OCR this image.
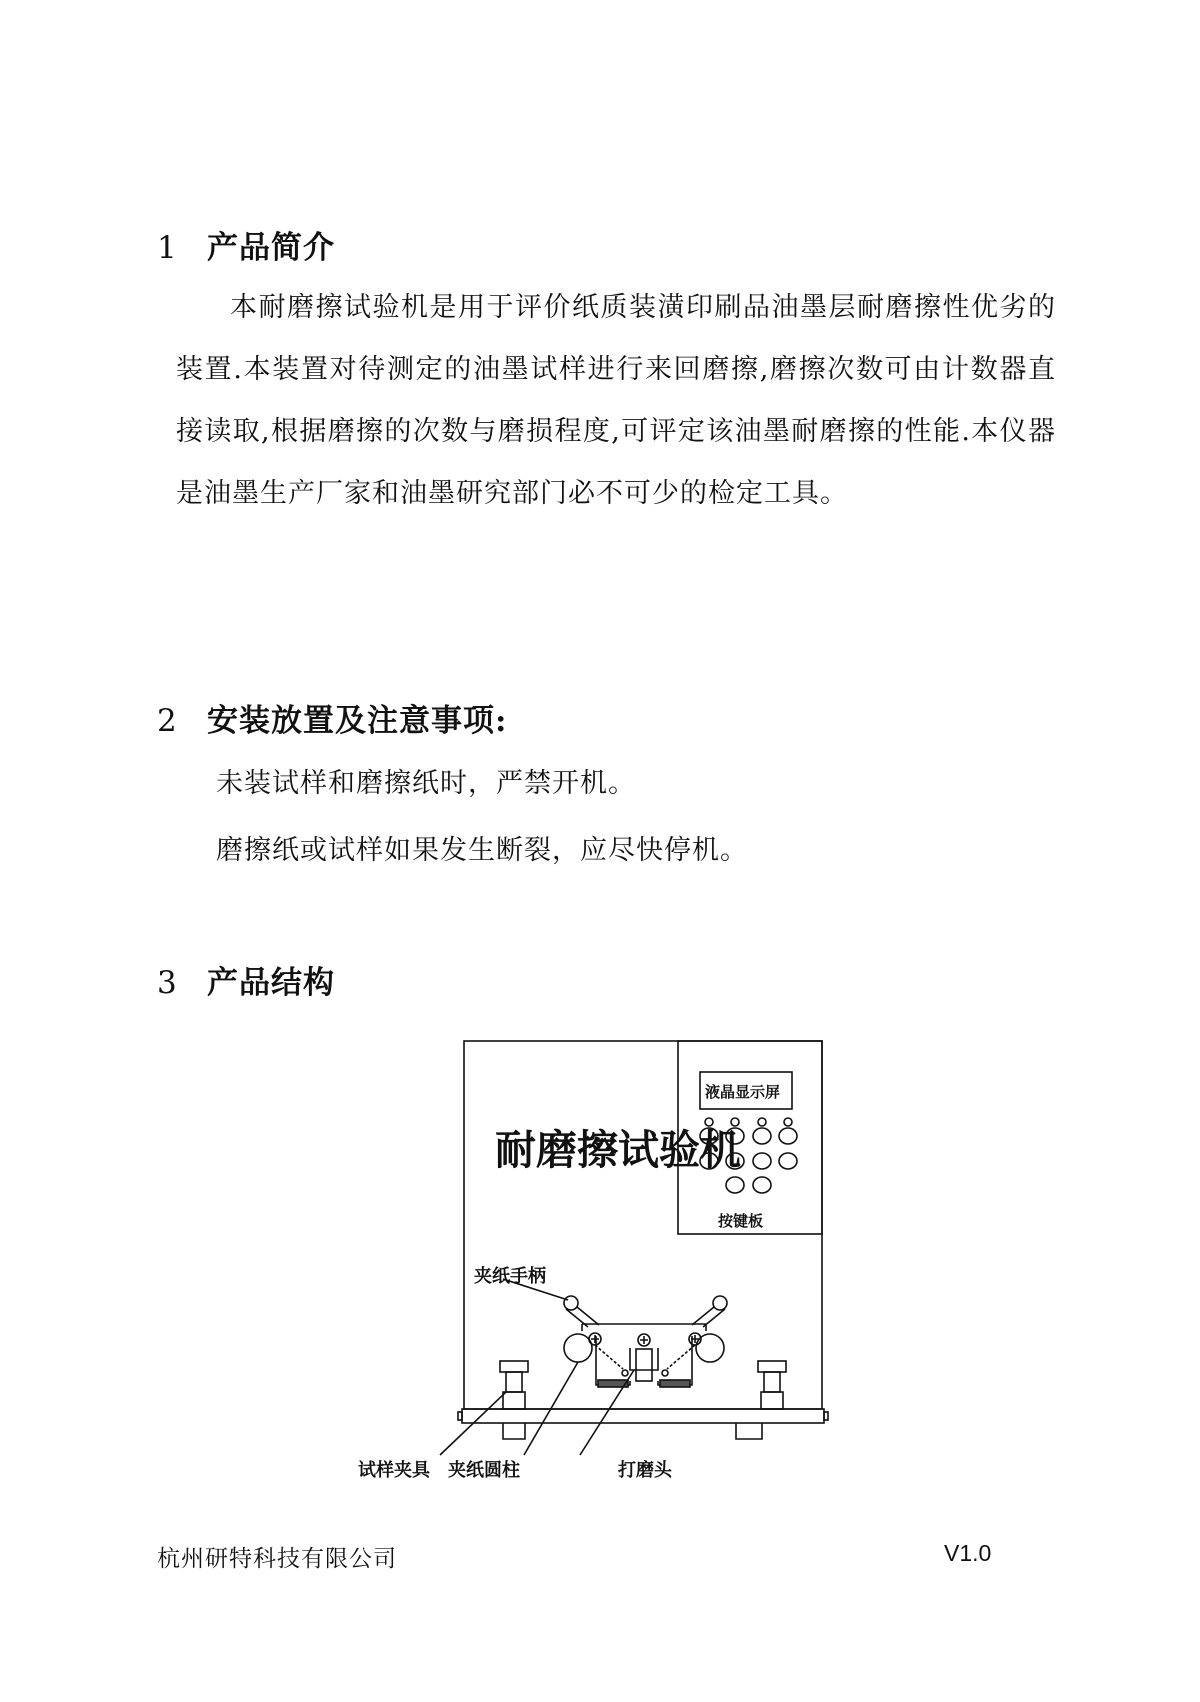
1 产品简介
本耐磨擦试验机是用于评价纸质装潢印刷品油墨层耐磨擦性优劣的装置.本装置对待测定的油墨试样进行来回磨擦,磨擦次数可由计数器直接读取,根据磨擦的次数与磨损程度,可评定该油墨耐磨擦的性能.本仪器是油墨生产厂家和油墨研究部门必不可少的检定工具。
2 安装放置及注意事项:
未装试样和磨擦纸时，严禁开机。
磨擦纸或试样如果发生断裂，应尽快停机。
3 产品结构
耐磨擦试验机
液晶显示屏
按键板
夹纸手柄
试样夹具 夹纸圆柱	打磨头
杭州研特科技有限公司	V1.0
